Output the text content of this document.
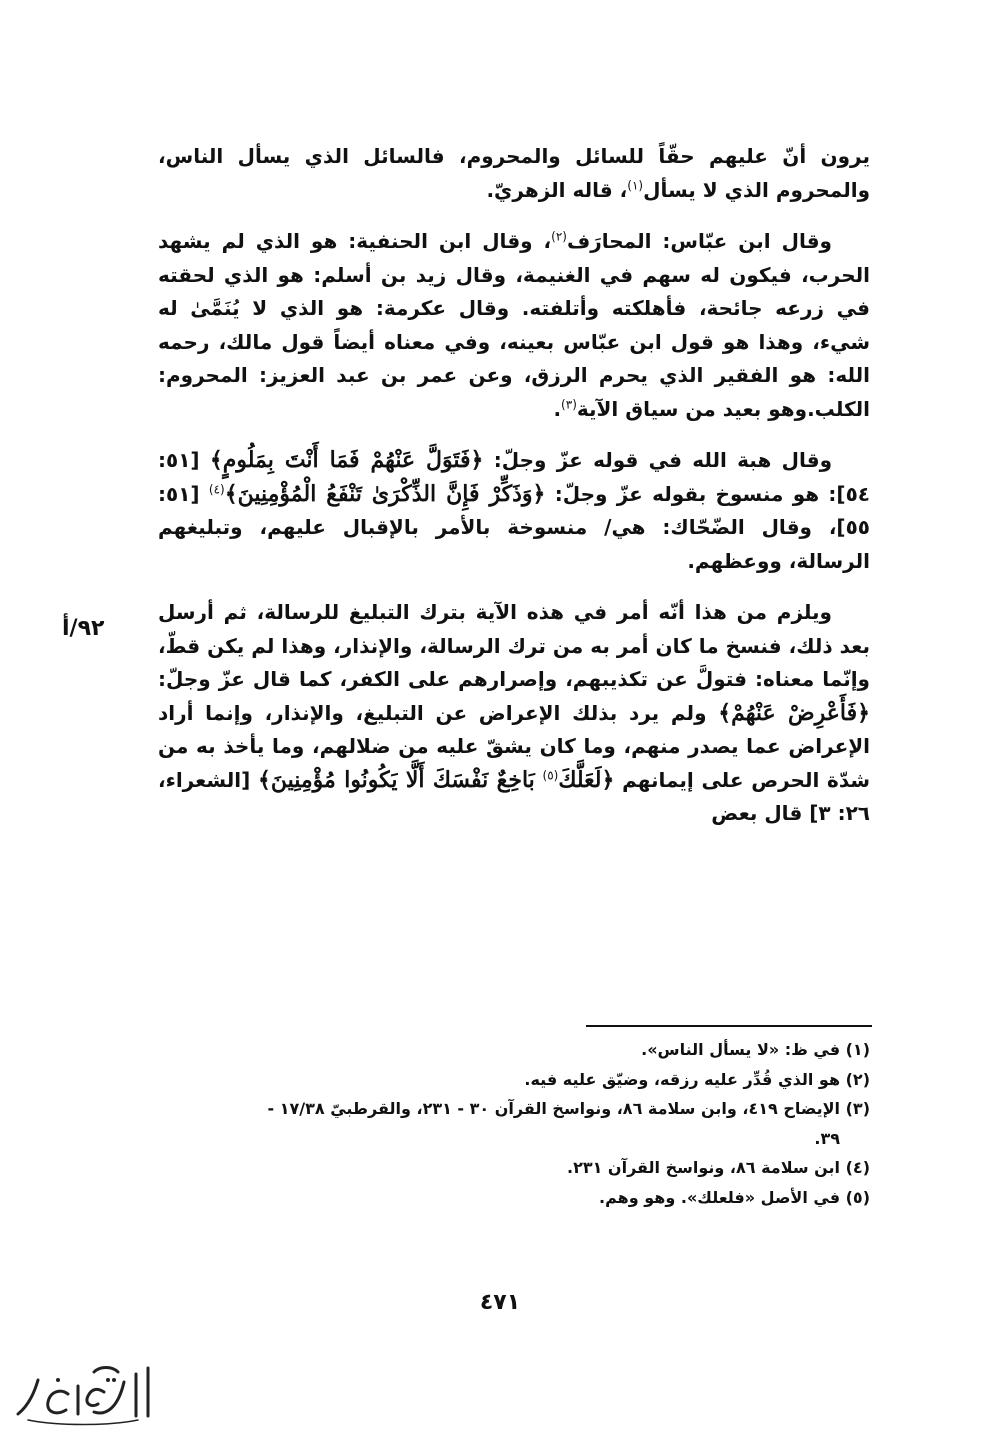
يرون أنّ عليهم حقّاً للسائل والمحروم، فالسائل الذي يسأل الناس، والمحروم الذي لا يسأل$^{(١)}$، قاله الزهريّ.

وقال ابن عبّاس: المحارَف$^{(٢)}$، وقال ابن الحنفية: هو الذي لم يشهد الحرب، فيكون له سهم في الغنيمة، وقال زيد بن أسلم: هو الذي لحقته في زرعه جائحة، فأهلكته وأتلفته. وقال عكرمة: هو الذي لا يُنَمَّىٰ له شيء، وهذا هو قول ابن عبّاس بعينه، وفي معناه أيضاً قول مالك، رحمه الله: هو الفقير الذي يحرم الرزق، وعن عمر بن عبد العزيز: المحروم: الكلب.وهو بعيد من سياق الآية$^{(٣)}$.

وقال هبة الله في قوله عزّ وجلّ: ﴿فَتَوَلَّ عَنْهُمْ فَمَا أَنْتَ بِمَلُومٍ﴾ [٥١: ٥٤]: هو منسوخ بقوله عزّ وجلّ: ﴿وَذَكِّرْ فَإِنَّ الذِّكْرَىٰ تَنْفَعُ الْمُؤْمِنِينَ﴾$^{(٤)}$ [٥١: ٥٥]، وقال الضّحّاك: هي/ منسوخة بالأمر بالإقبال عليهم، وتبليغهم الرسالة، ووعظهم.

ويلزم من هذا أنّه أمر في هذه الآية بترك التبليغ للرسالة، ثم أرسل بعد ذلك، فنسخ ما كان أمر به من ترك الرسالة، والإنذار، وهذا لم يكن قطّ، وإنّما معناه: فتولَّ عن تكذيبهم، وإصرارهم على الكفر، كما قال عزّ وجلّ: ﴿فَأَعْرِضْ عَنْهُمْ﴾ ولم يرد بذلك الإعراض عن التبليغ، والإنذار، وإنما أراد الإعراض عما يصدر منهم، وما كان يشقّ عليه من ضلالهم، وما يأخذ به من شدّة الحرص على إيمانهم ﴿لَعَلَّكَ$^{(٥)}$ بَاخِعٌ نَفْسَكَ أَلَّا يَكُونُوا مُؤْمِنِينَ﴾ [الشعراء، ٢٦: ٣] قال بعض

٩٢/أ

(١) في ظ: «لا يسأل الناس».

(٢) هو الذي قُدِّر عليه رزقه، وضيّق عليه فيه.

(٣) الإيضاح ٤١٩، وابن سلامة ٨٦، ونواسخ القرآن ٣٠ - ٢٣١، والقرطبيّ ١٧/٣٨ -

٣٩.

(٤) ابن سلامة ٨٦، ونواسخ القرآن ٢٣١.

(٥) في الأصل «فلعلك». وهو وهم.

٤٧١
